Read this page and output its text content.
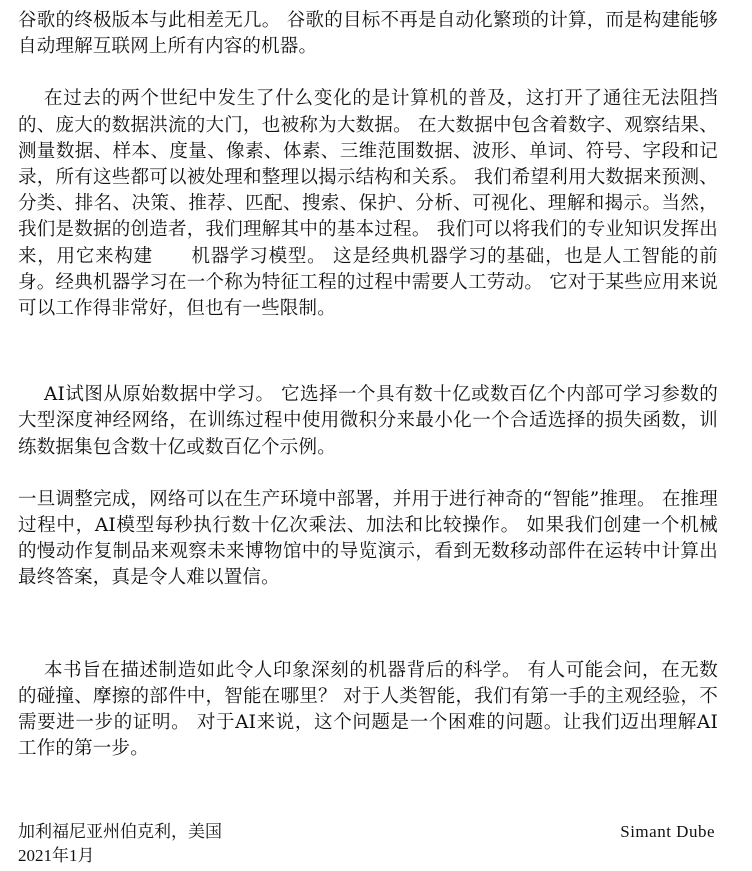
谷歌的终极版本与此相差无几。 谷歌的目标不再是自动化繁琐的计算，而是构建能够自动理解互联网上所有内容的机器。

在过去的两个世纪中发生了什么变化的是计算机的普及，这打开了通往无法阻挡的、庞大的数据洪流的大门，也被称为大数据。 在大数据中包含着数字、观察结果、测量数据、样本、度量、像素、体素、三维范围数据、波形、单词、符号、字段和记录，所有这些都可以被处理和整理以揭示结构和关系。 我们希望利用大数据来预测、分类、排名、决策、推荐、匹配、搜索、保护、分析、可视化、理解和揭示。当然，我们是数据的创造者，我们理解其中的基本过程。 我们可以将我们的专业知识发挥出来，用它来构建　　机器学习模型。 这是经典机器学习的基础，也是人工智能的前身。经典机器学习在一个称为特征工程的过程中需要人工劳动。 它对于某些应用来说可以工作得非常好，但也有一些限制。

AI试图从原始数据中学习。 它选择一个具有数十亿或数百亿个内部可学习参数的大型深度神经网络，在训练过程中使用微积分来最小化一个合适选择的损失函数，训练数据集包含数十亿或数百亿个示例。

一旦调整完成，网络可以在生产环境中部署，并用于进行神奇的“智能”推理。 在推理过程中，AI模型每秒执行数十亿次乘法、加法和比较操作。 如果我们创建一个机械的慢动作复制品来观察未来博物馆中的导览演示，看到无数移动部件在运转中计算出最终答案，真是令人难以置信。

本书旨在描述制造如此令人印象深刻的机器背后的科学。 有人可能会问，在无数的碰撞、摩擦的部件中，智能在哪里？ 对于人类智能，我们有第一手的主观经验，不需要进一步的证明。 对于AI来说，这个问题是一个困难的问题。让我们迈出理解AI工作的第一步。

加利福尼亚州伯克利，美国	Simant Dube
2021年1月
